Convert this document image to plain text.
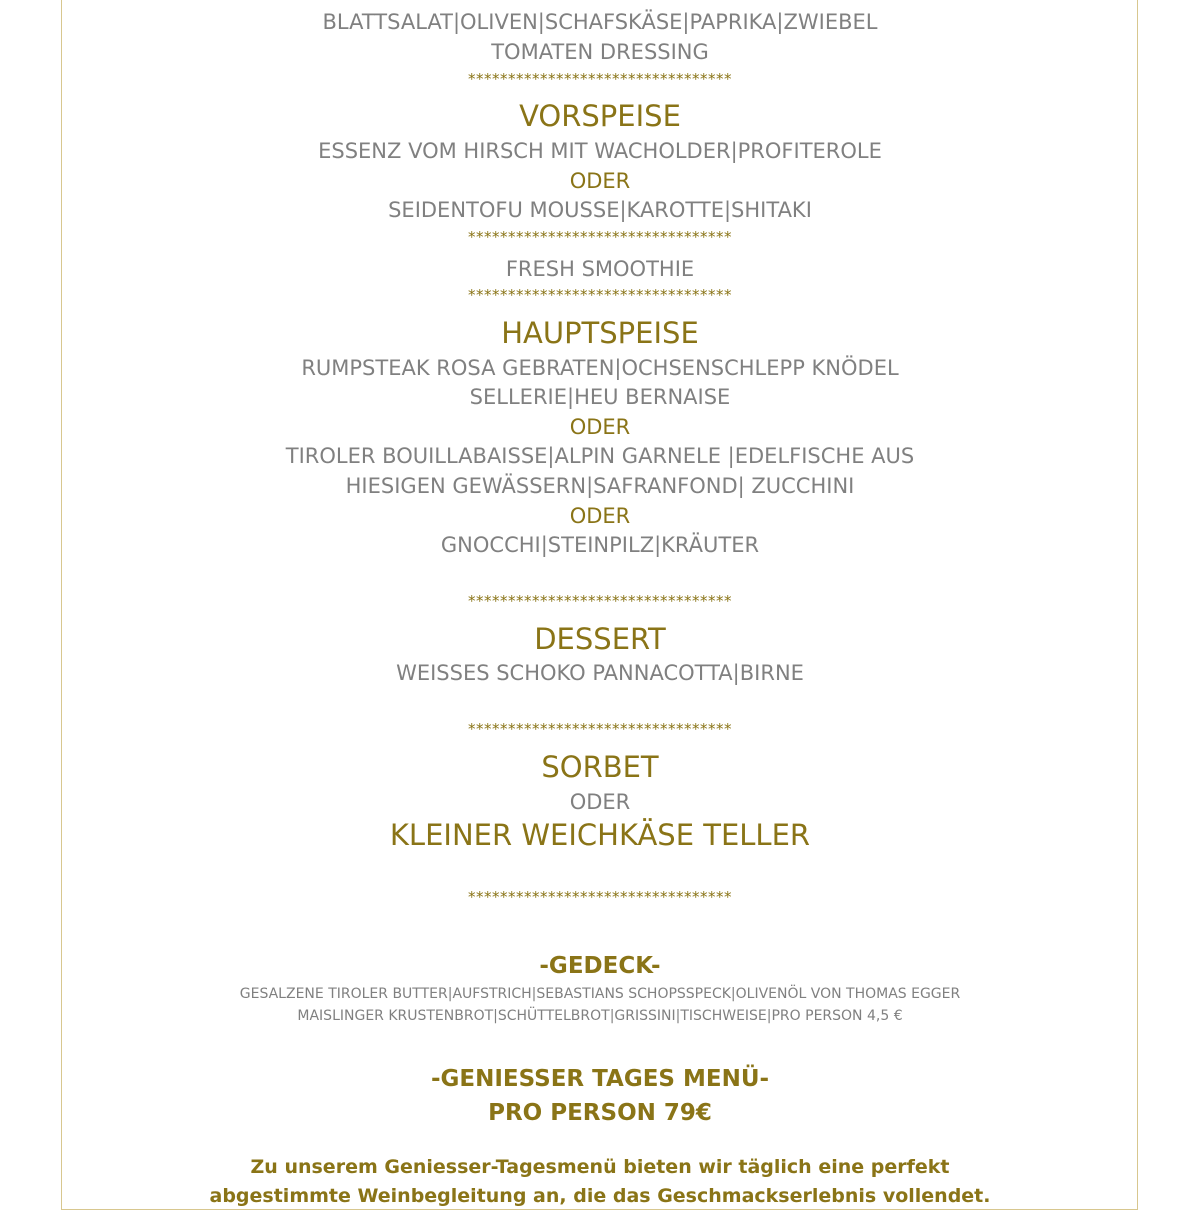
BLATTSALAT|OLIVEN|SCHAFSKÄSE|PAPRIKA|ZWIEBEL
TOMATEN DRESSING
*********************************
VORSPEISE
ESSENZ VOM HIRSCH MIT WACHOLDER|PROFITEROLE
ODER
SEIDENTOFU MOUSSE|KAROTTE|SHITAKI
*********************************
FRESH SMOOTHIE
*********************************
HAUPTSPEISE
RUMPSTEAK ROSA GEBRATEN|OCHSENSCHLEPP KNÖDEL
SELLERIE|HEU BERNAISE
ODER
TIROLER BOUILLABAISSE|ALPIN GARNELE |EDELFISCHE AUS
HIESIGEN GEWÄSSERN|SAFRANFOND| ZUCCHINI
ODER
GNOCCHI|STEINPILZ|KRÄUTER
*********************************
DESSERT
WEISSES SCHOKO PANNACOTTA|BIRNE
*********************************
SORBET
ODER
KLEINER WEICHKÄSE TELLER
*********************************
-GEDECK-
GESALZENE TIROLER BUTTER|AUFSTRICH|SEBASTIANS SCHOPSSPECK|OLIVENÖL VON THOMAS EGGER
MAISLINGER KRUSTENBROT|SCHÜTTELBROT|GRISSINI|TISCHWEISE|PRO PERSON 4,5 €
-GENIESSER TAGES MENÜ-
PRO PERSON 79€
Zu unserem Geniesser-Tagesmenü bieten wir täglich eine perfekt
abgestimmte Weinbegleitung an, die das Geschmackserlebnis vollendet.
